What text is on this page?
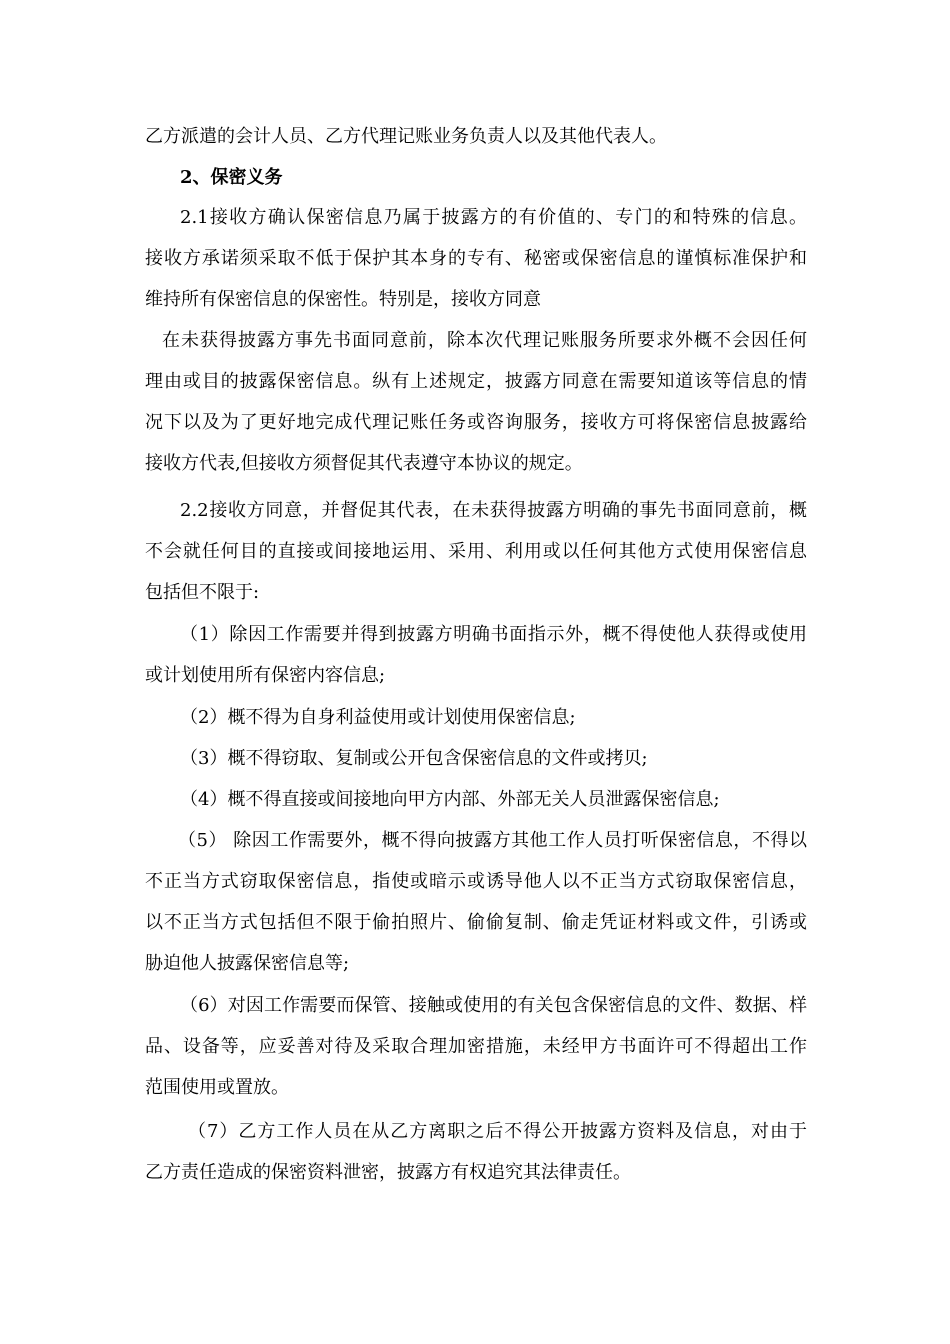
乙方派遣的会计人员、乙方代理记账业务负责人以及其他代表人。
2、保密义务
2.1接收方确认保密信息乃属于披露方的有价值的、专门的和特殊的信息。
接收方承诺须采取不低于保护其本身的专有、秘密或保密信息的谨慎标准保护和
维持所有保密信息的保密性。特别是，接收方同意
在未获得披露方事先书面同意前，除本次代理记账服务所要求外概不会因任何
理由或目的披露保密信息。纵有上述规定，披露方同意在需要知道该等信息的情
况下以及为了更好地完成代理记账任务或咨询服务，接收方可将保密信息披露给
接收方代表,但接收方须督促其代表遵守本协议的规定。
2.2接收方同意，并督促其代表，在未获得披露方明确的事先书面同意前，概
不会就任何目的直接或间接地运用、采用、利用或以任何其他方式使用保密信息
包括但不限于:
（1）除因工作需要并得到披露方明确书面指示外，概不得使他人获得或使用
或计划使用所有保密内容信息;
（2）概不得为自身利益使用或计划使用保密信息;
（3）概不得窃取、复制或公开包含保密信息的文件或拷贝;
（4）概不得直接或间接地向甲方内部、外部无关人员泄露保密信息;
（5） 除因工作需要外，概不得向披露方其他工作人员打听保密信息，不得以
不正当方式窃取保密信息，指使或暗示或诱导他人以不正当方式窃取保密信息，
以不正当方式包括但不限于偷拍照片、偷偷复制、偷走凭证材料或文件，引诱或
胁迫他人披露保密信息等;
（6）对因工作需要而保管、接触或使用的有关包含保密信息的文件、数据、样
品、设备等，应妥善对待及采取合理加密措施，未经甲方书面许可不得超出工作
范围使用或置放。
（7）乙方工作人员在从乙方离职之后不得公开披露方资料及信息，对由于
乙方责任造成的保密资料泄密，披露方有权追究其法律责任。
